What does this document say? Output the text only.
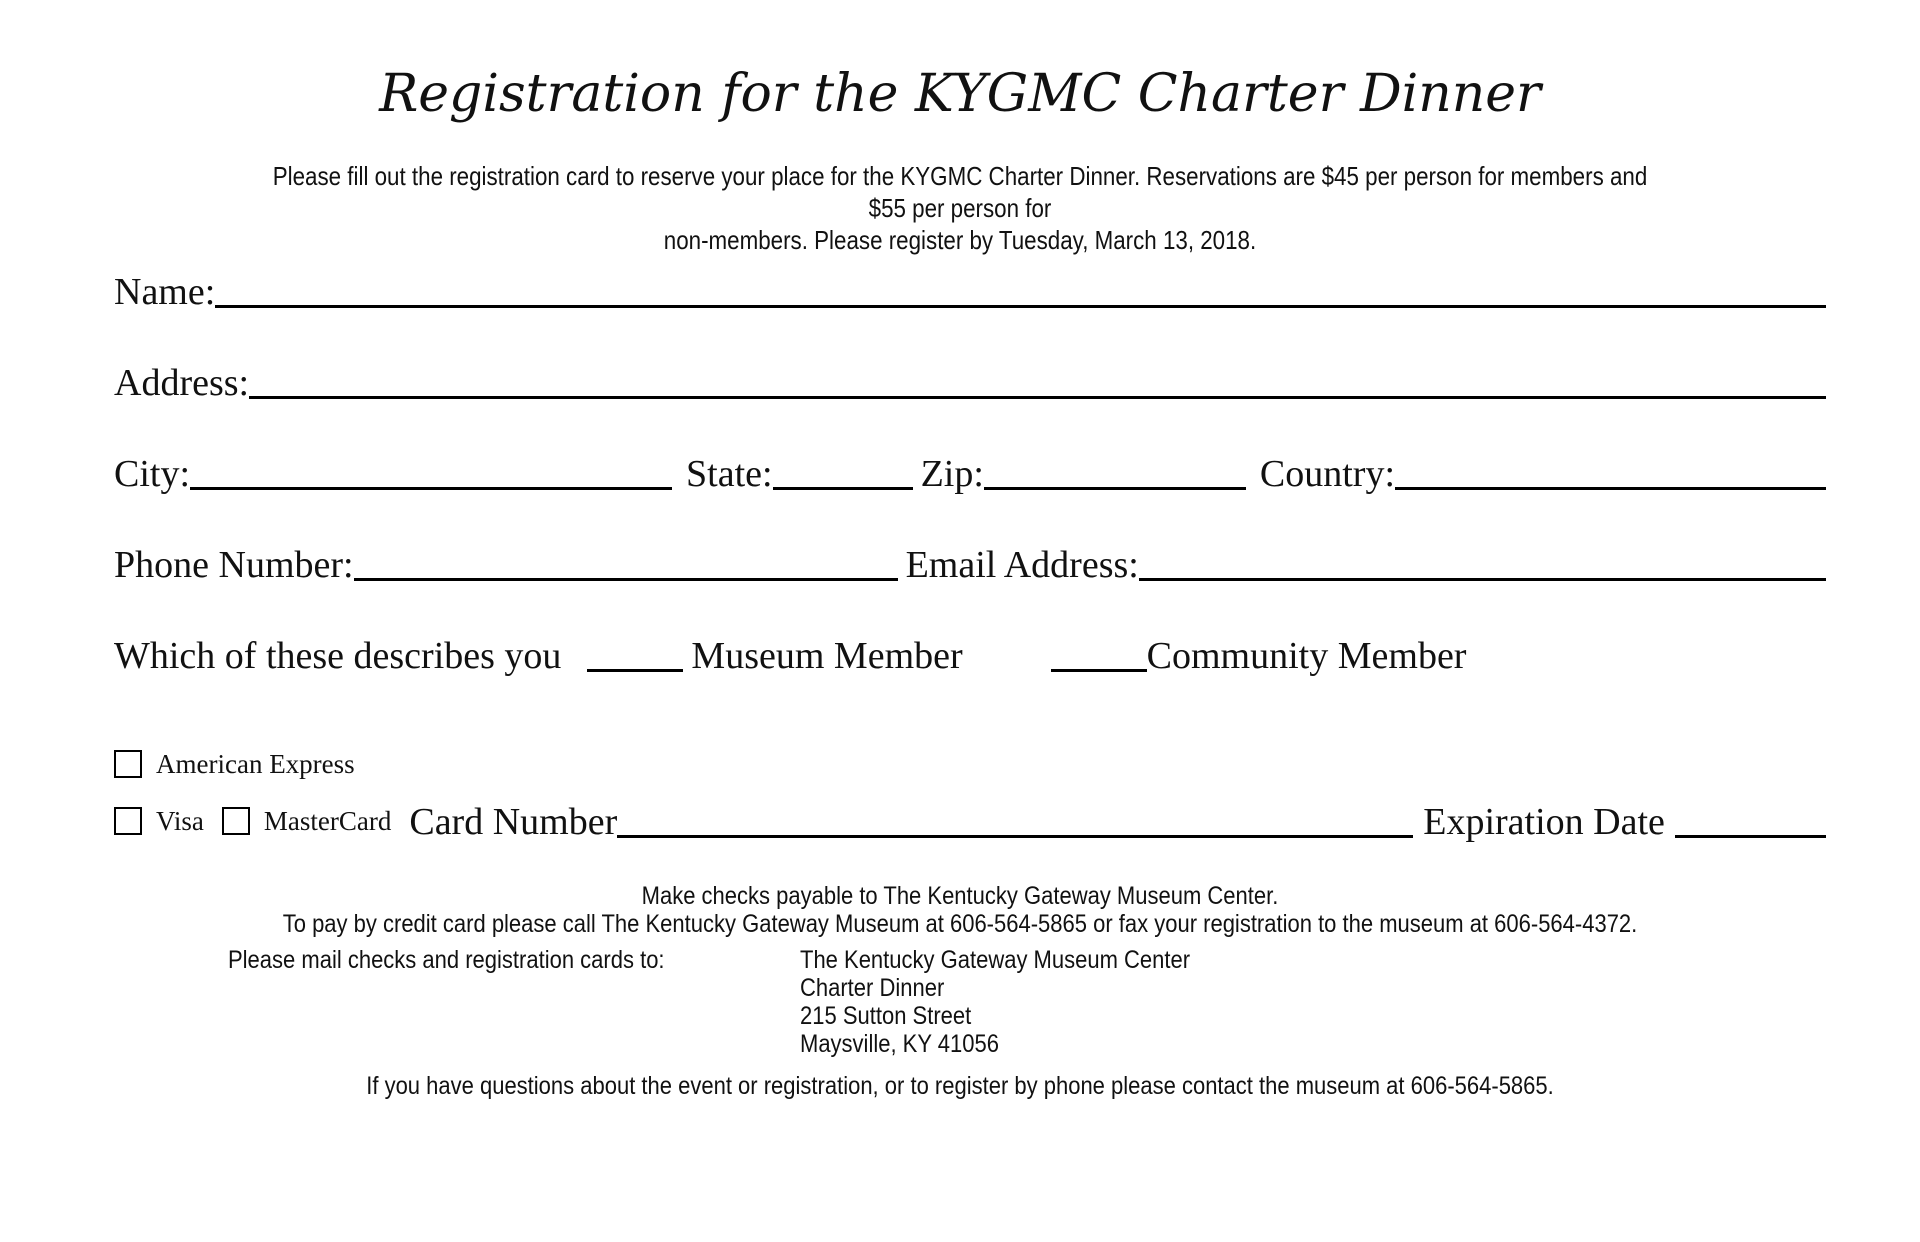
Registration for the KYGMC Charter Dinner
Please fill out the registration card to reserve your place for the KYGMC Charter Dinner. Reservations are $45 per person for members and $55 per person for
non-members. Please register by Tuesday, March 13, 2018.
Name:
Address:
City:	State:	Zip:	Country:
Phone Number:	Email Address:
Which of these describes you	Museum Member	Community Member
American Express
Visa MasterCard Card Number	Expiration Date
Make checks payable to The Kentucky Gateway Museum Center.
To pay by credit card please call The Kentucky Gateway Museum at 606-564-5865 or fax your registration to the museum at 606-564-4372.
Please mail checks and registration cards to:	The Kentucky Gateway Museum Center
Charter Dinner
215 Sutton Street
Maysville, KY 41056
If you have questions about the event or registration, or to register by phone please contact the museum at 606-564-5865.
